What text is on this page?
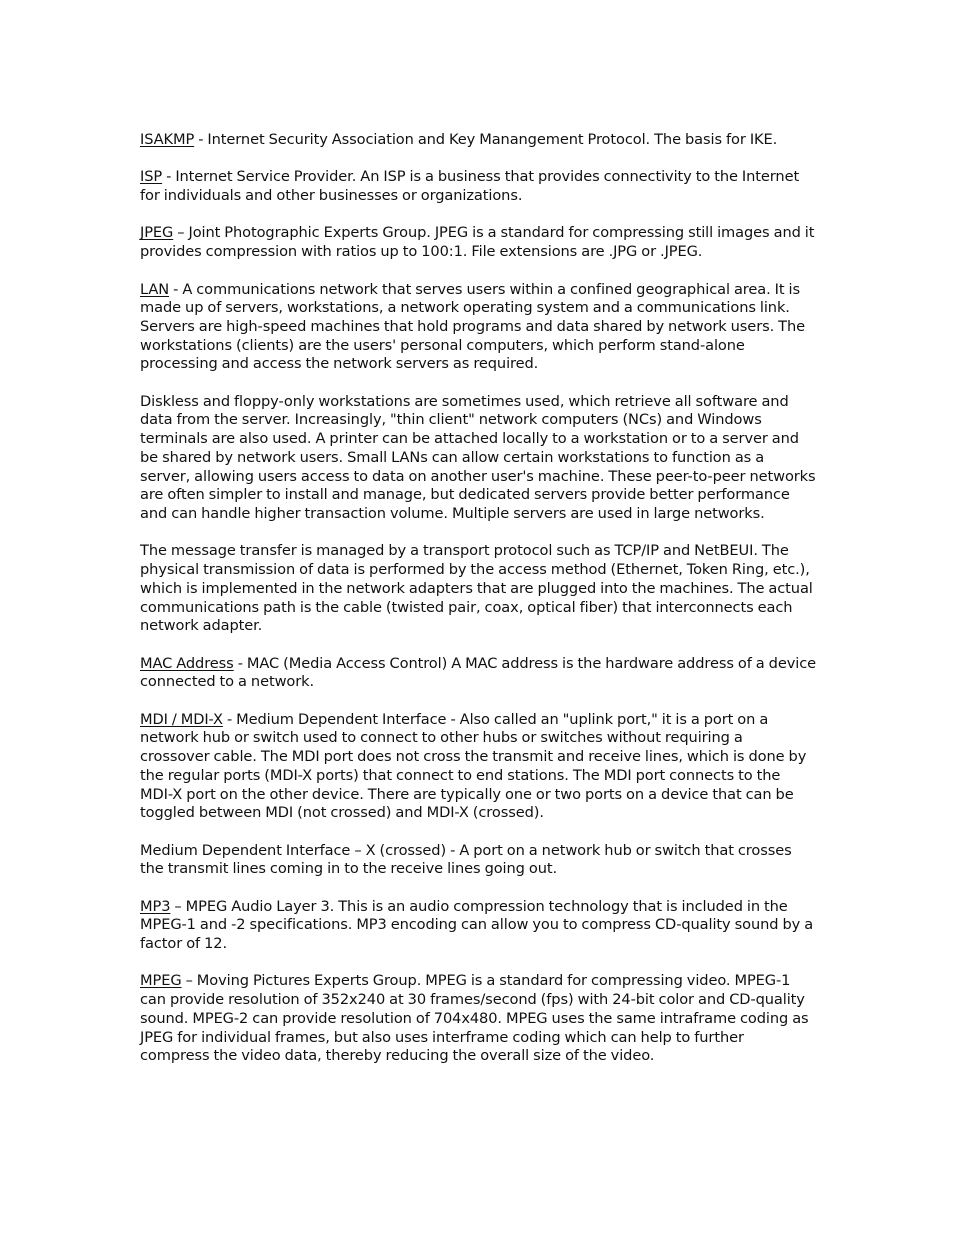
ISAKMP - Internet Security Association and Key Manangement Protocol. The basis for IKE.

ISP - Internet Service Provider. An ISP is a business that provides connectivity to the Internet for individuals and other businesses or organizations.

JPEG – Joint Photographic Experts Group. JPEG is a standard for compressing still images and it provides compression with ratios up to 100:1. File extensions are .JPG or .JPEG.

LAN - A communications network that serves users within a confined geographical area. It is made up of servers, workstations, a network operating system and a communications link. Servers are high-speed machines that hold programs and data shared by network users. The workstations (clients) are the users' personal computers, which perform stand-alone processing and access the network servers as required.

Diskless and floppy-only workstations are sometimes used, which retrieve all software and data from the server. Increasingly, "thin client" network computers (NCs) and Windows terminals are also used. A printer can be attached locally to a workstation or to a server and be shared by network users. Small LANs can allow certain workstations to function as a server, allowing users access to data on another user's machine. These peer-to-peer networks are often simpler to install and manage, but dedicated servers provide better performance and can handle higher transaction volume. Multiple servers are used in large networks.

The message transfer is managed by a transport protocol such as TCP/IP and NetBEUI. The physical transmission of data is performed by the access method (Ethernet, Token Ring, etc.), which is implemented in the network adapters that are plugged into the machines. The actual communications path is the cable (twisted pair, coax, optical fiber) that interconnects each network adapter.

MAC Address - MAC (Media Access Control) A MAC address is the hardware address of a device connected to a network.

MDI / MDI-X - Medium Dependent Interface - Also called an "uplink port," it is a port on a network hub or switch used to connect to other hubs or switches without requiring a crossover cable. The MDI port does not cross the transmit and receive lines, which is done by the regular ports (MDI-X ports) that connect to end stations. The MDI port connects to the MDI-X port on the other device. There are typically one or two ports on a device that can be toggled between MDI (not crossed) and MDI-X (crossed).

Medium Dependent Interface – X (crossed) - A port on a network hub or switch that crosses the transmit lines coming in to the receive lines going out.

MP3 – MPEG Audio Layer 3. This is an audio compression technology that is included in the MPEG-1 and -2 specifications. MP3 encoding can allow you to compress CD-quality sound by a factor of 12.

MPEG – Moving Pictures Experts Group. MPEG is a standard for compressing video. MPEG-1 can provide resolution of 352x240 at 30 frames/second (fps) with 24-bit color and CD-quality sound. MPEG-2 can provide resolution of 704x480. MPEG uses the same intraframe coding as JPEG for individual frames, but also uses interframe coding which can help to further compress the video data, thereby reducing the overall size of the video.
